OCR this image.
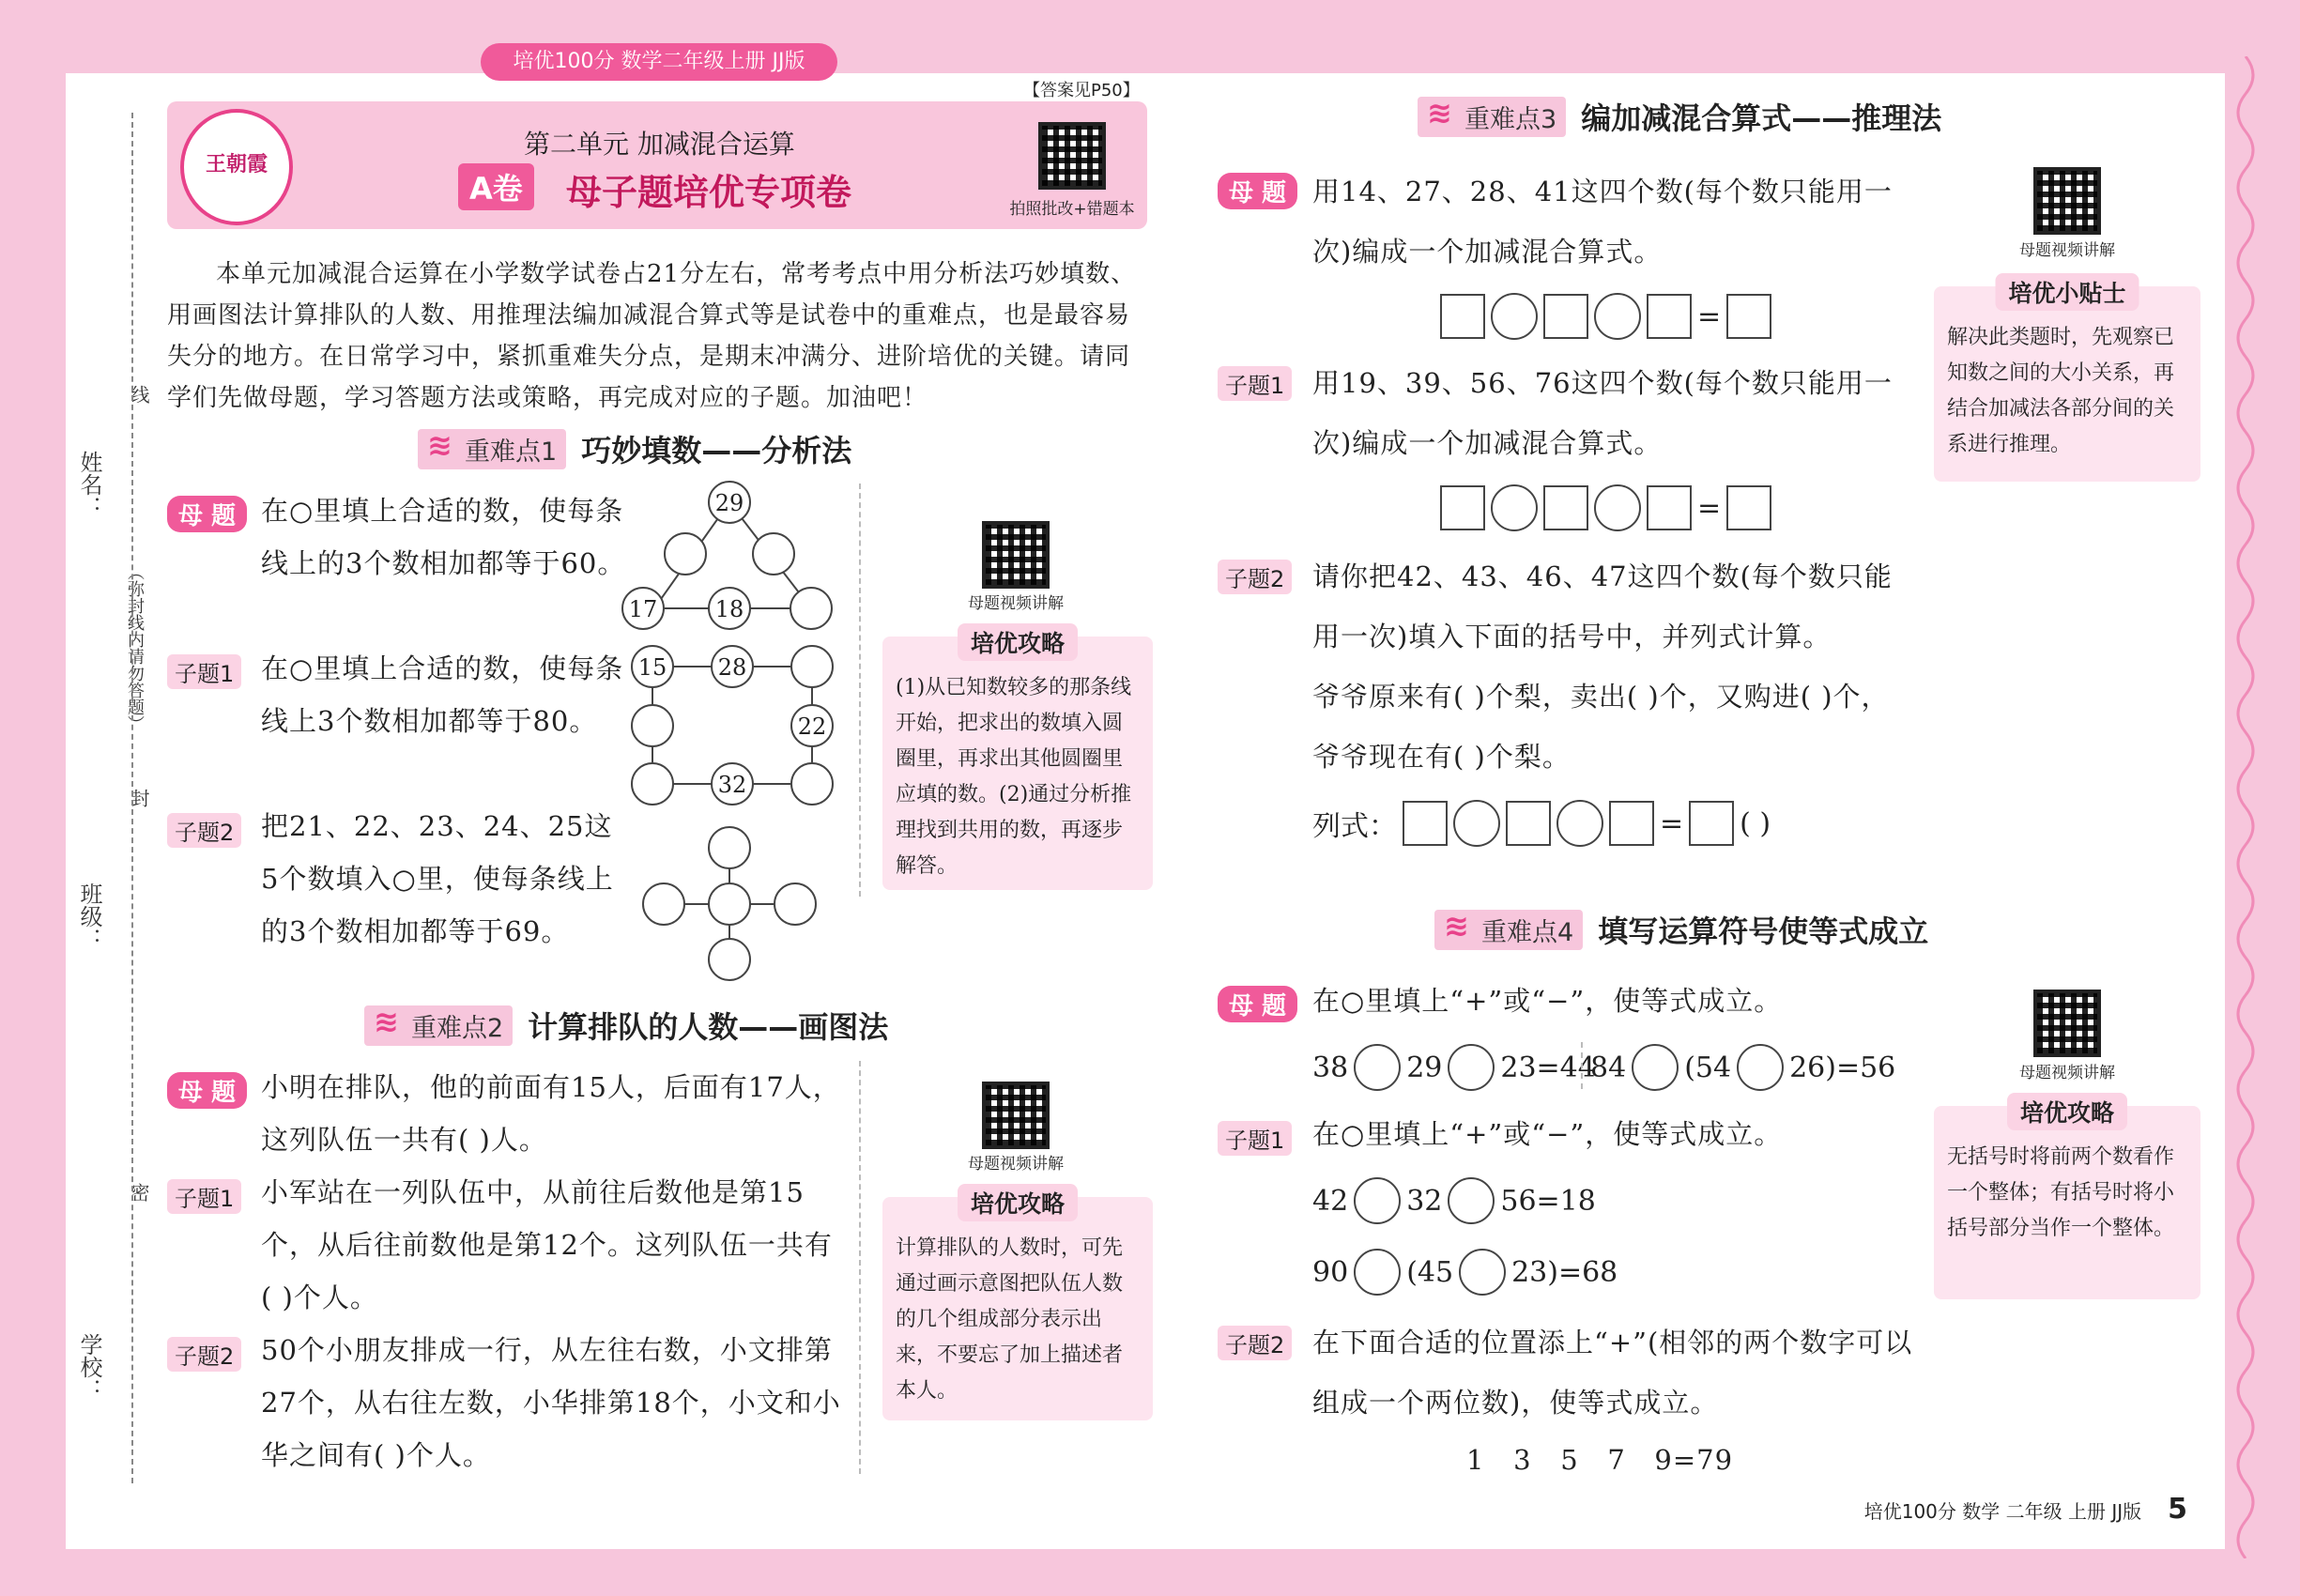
培优100分 数学二年级上册 JJ版
姓名：
班级：
学校：
线
（弥封线内请勿答题）
封
密
王朝霞
第二单元 加减混合运算
A卷	母子题培优专项卷	拍照批改+错题本
【答案见P50】
本单元加减混合运算在小学数学试卷占21分左右，常考考点中用分析法巧妙填数、用画图法计算排队的人数、用推理法编加减混合算式等是试卷中的重难点，也是最容易失分的地方。在日常学习中，紧抓重难失分点，是期末冲满分、进阶培优的关键。请同学们先做母题，学习答题方法或策略，再完成对应的子题。加油吧！
≋ 重难点1 巧妙填数——分析法
母 题 在○里填上合适的数，使每条线上的3个数相加都等于60。
子题1 在○里填上合适的数，使每条线上3个数相加都等于80。
子题2 把21、22、23、24、25这5个数填入○里，使每条线上的3个数相加都等于69。
29
17	18
15 28
22
32
母题视频讲解
培优攻略
(1)从已知数较多的那条线开始，把求出的数填入圆圈里，再求出其他圆圈里应填的数。(2)通过分析推理找到共用的数，再逐步解答。
≋ 重难点2 计算排队的人数——画图法
母 题 小明在排队，他的前面有15人，后面有17人，这列队伍一共有( )人。
子题1 小军站在一列队伍中，从前往后数他是第15个，从后往前数他是第12个。这列队伍一共有( )个人。
子题2 50个小朋友排成一行，从左往右数，小文排第27个，从右往左数，小华排第18个，小文和小华之间有( )个人。
母题视频讲解
培优攻略
计算排队的人数时，可先通过画示意图把队伍人数的几个组成部分表示出来，不要忘了加上描述者本人。
≋ 重难点3 编加减混合算式——推理法
母 题 用14、27、28、41这四个数(每个数只能用一次)编成一个加减混合算式。
=
子题1 用19、39、56、76这四个数(每个数只能用一次)编成一个加减混合算式。
=
子题2 请你把42、43、46、47这四个数(每个数只能用一次)填入下面的括号中，并列式计算。
爷爷原来有( )个梨，卖出( )个，又购进( )个，爷爷现在有( )个梨。
列式：	= ( )
母题视频讲解
培优小贴士
解决此类题时，先观察已知数之间的大小关系，再结合加减法各部分间的关系进行推理。
≋ 重难点4 填写运算符号使等式成立
母 题 在○里填上“+”或“−”，使等式成立。
38 29 23=44
84 (54 26)=56
子题1 在○里填上“+”或“−”，使等式成立。
42 32 56=18
90 (45 23)=68
子题2 在下面合适的位置添上“+”(相邻的两个数字可以组成一个两位数)，使等式成立。
1   3   5   7   9=79
母题视频讲解
培优攻略
无括号时将前两个数看作一个整体；有括号时将小括号部分当作一个整体。
培优100分 数学 二年级 上册 JJ版 5
